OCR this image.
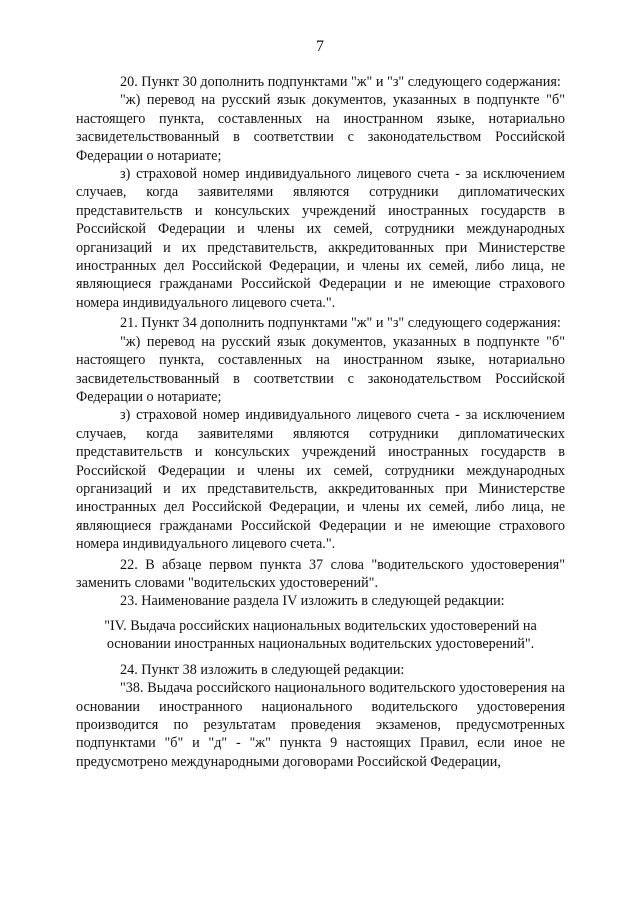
7

20. Пункт 30 дополнить подпунктами "ж" и "з" следующего содержания:

"ж) перевод на русский язык документов, указанных в подпункте "б" настоящего пункта, составленных на иностранном языке, нотариально засвидетельствованный в соответствии с законодательством Российской Федерации о нотариате;

з) страховой номер индивидуального лицевого счета - за исключением случаев, когда заявителями являются сотрудники дипломатических представительств и консульских учреждений иностранных государств в Российской Федерации и члены их семей, сотрудники международных организаций и их представительств, аккредитованных при Министерстве иностранных дел Российской Федерации, и члены их семей, либо лица, не являющиеся гражданами Российской Федерации и не имеющие страхового номера индивидуального лицевого счета.".

21. Пункт 34 дополнить подпунктами "ж" и "з" следующего содержания:

"ж) перевод на русский язык документов, указанных в подпункте "б" настоящего пункта, составленных на иностранном языке, нотариально засвидетельствованный в соответствии с законодательством Российской Федерации о нотариате;

з) страховой номер индивидуального лицевого счета - за исключением случаев, когда заявителями являются сотрудники дипломатических представительств и консульских учреждений иностранных государств в Российской Федерации и члены их семей, сотрудники международных организаций и их представительств, аккредитованных при Министерстве иностранных дел Российской Федерации, и члены их семей, либо лица, не являющиеся гражданами Российской Федерации и не имеющие страхового номера индивидуального лицевого счета.".

22. В абзаце первом пункта 37 слова "водительского удостоверения" заменить словами "водительских удостоверений".

23. Наименование раздела IV изложить в следующей редакции:

"IV. Выдача российских национальных водительских удостоверений на основании иностранных национальных водительских удостоверений".

24. Пункт 38 изложить в следующей редакции:

"38. Выдача российского национального водительского удостоверения на основании иностранного национального водительского удостоверения производится по результатам проведения экзаменов, предусмотренных подпунктами "б" и "д" - "ж" пункта 9 настоящих Правил, если иное не предусмотрено международными договорами Российской Федерации,
